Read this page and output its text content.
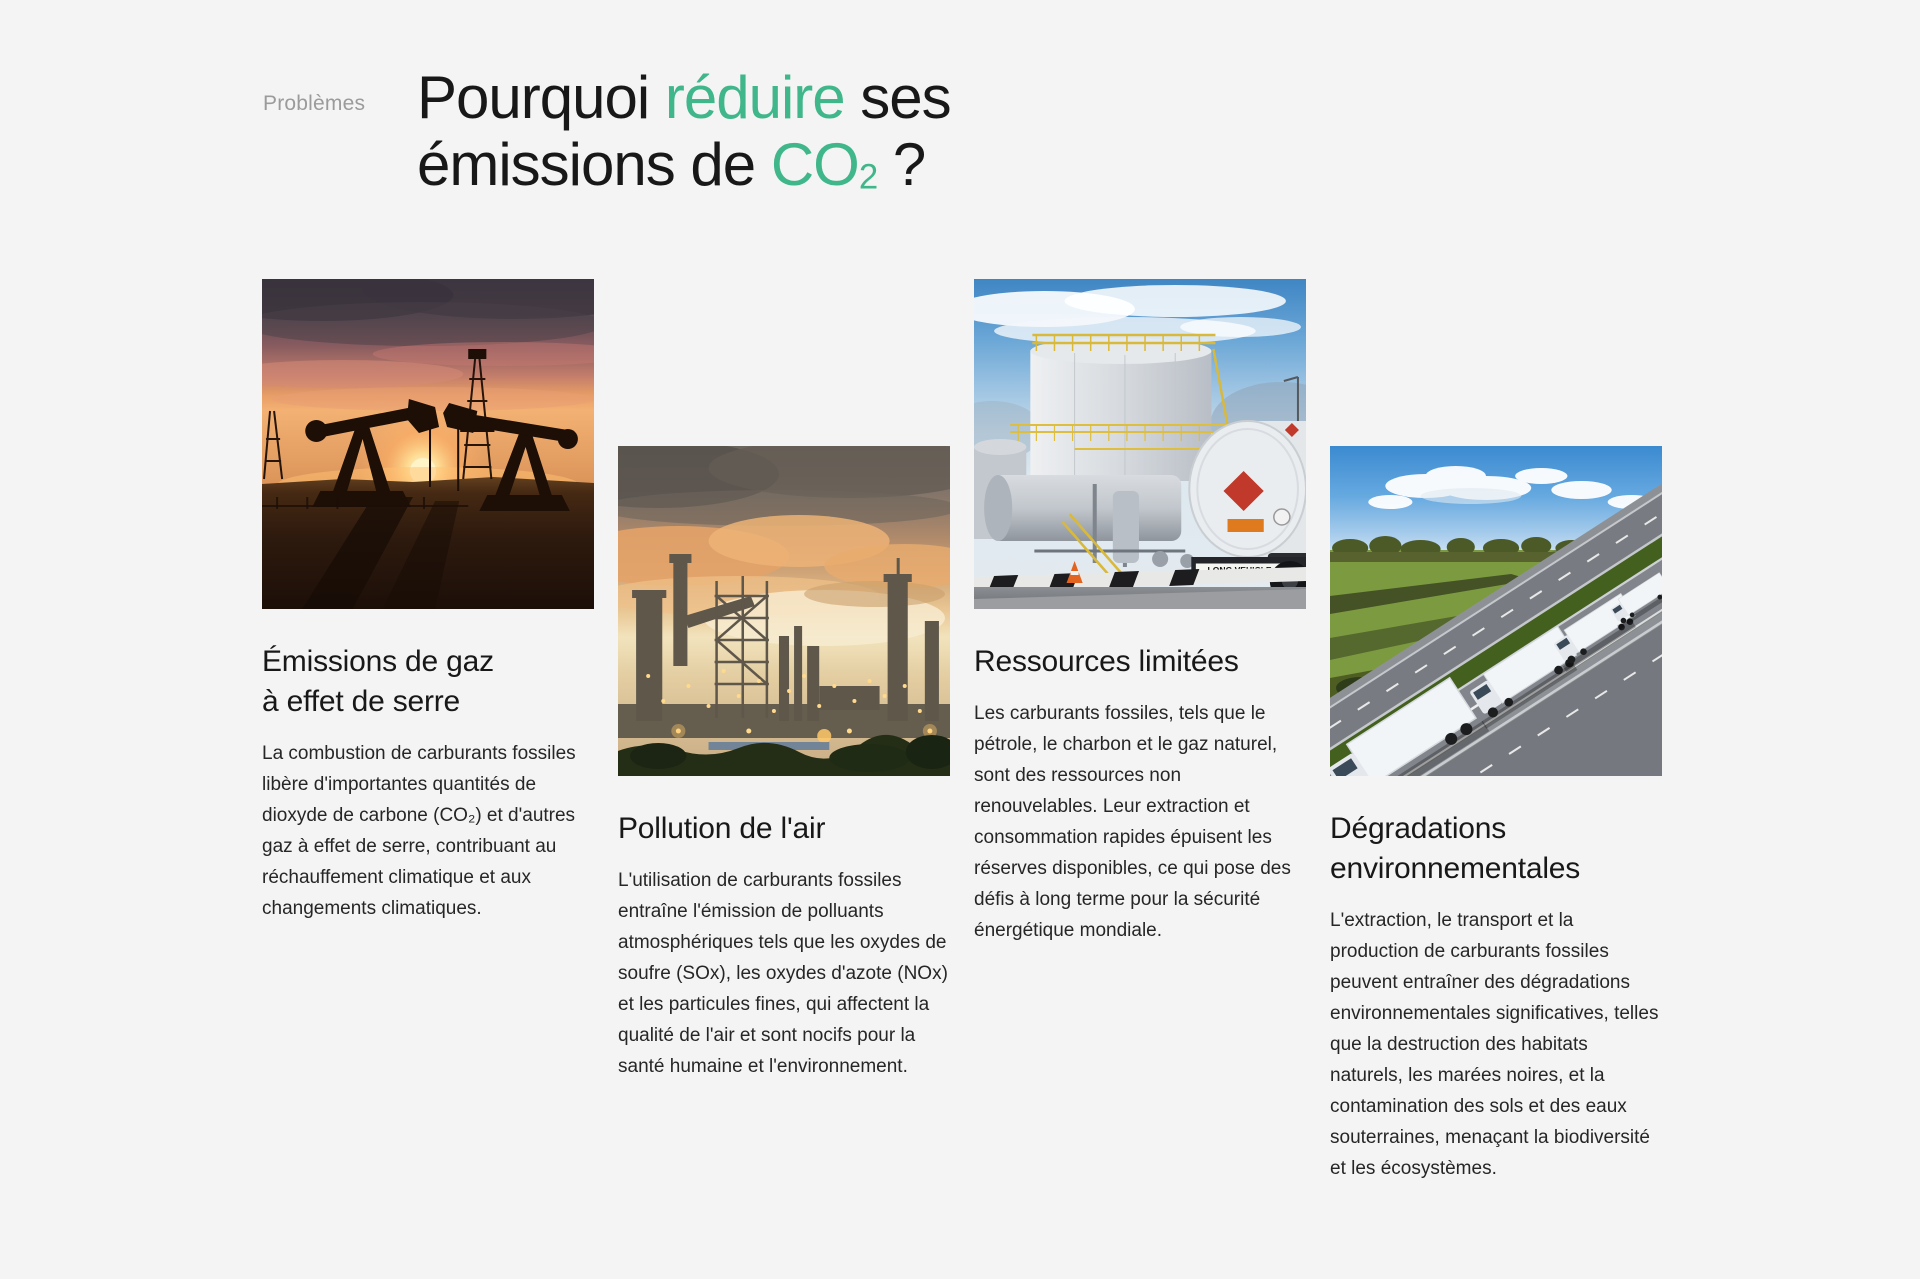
Problèmes Pourquoi réduire ses
émissions de CO2 ?
Émissions de gaz à effet de serre

La combustion de carburants fossiles libère d'importantes quantités de dioxyde de carbone (CO₂) et d'autres gaz à effet de serre, contribuant au réchauffement climatique et aux changements climatiques.

Pollution de l'air

L'utilisation de carburants fossiles entraîne l'émission de polluants atmosphériques tels que les oxydes de soufre (SOx), les oxydes d'azote (NOx) et les particules fines, qui affectent la qualité de l'air et sont nocifs pour la santé humaine et l'environnement.

Ressources limitées

Les carburants fossiles, tels que le pétrole, le charbon et le gaz naturel, sont des ressources non renouvelables. Leur extraction et consommation rapides épuisent les réserves disponibles, ce qui pose des défis à long terme pour la sécurité énergétique mondiale.

Dégradations environnementales

L'extraction, le transport et la production de carburants fossiles peuvent entraîner des dégradations environnementales significatives, telles que la destruction des habitats naturels, les marées noires, et la contamination des sols et des eaux souterraines, menaçant la biodiversité et les écosystèmes.
